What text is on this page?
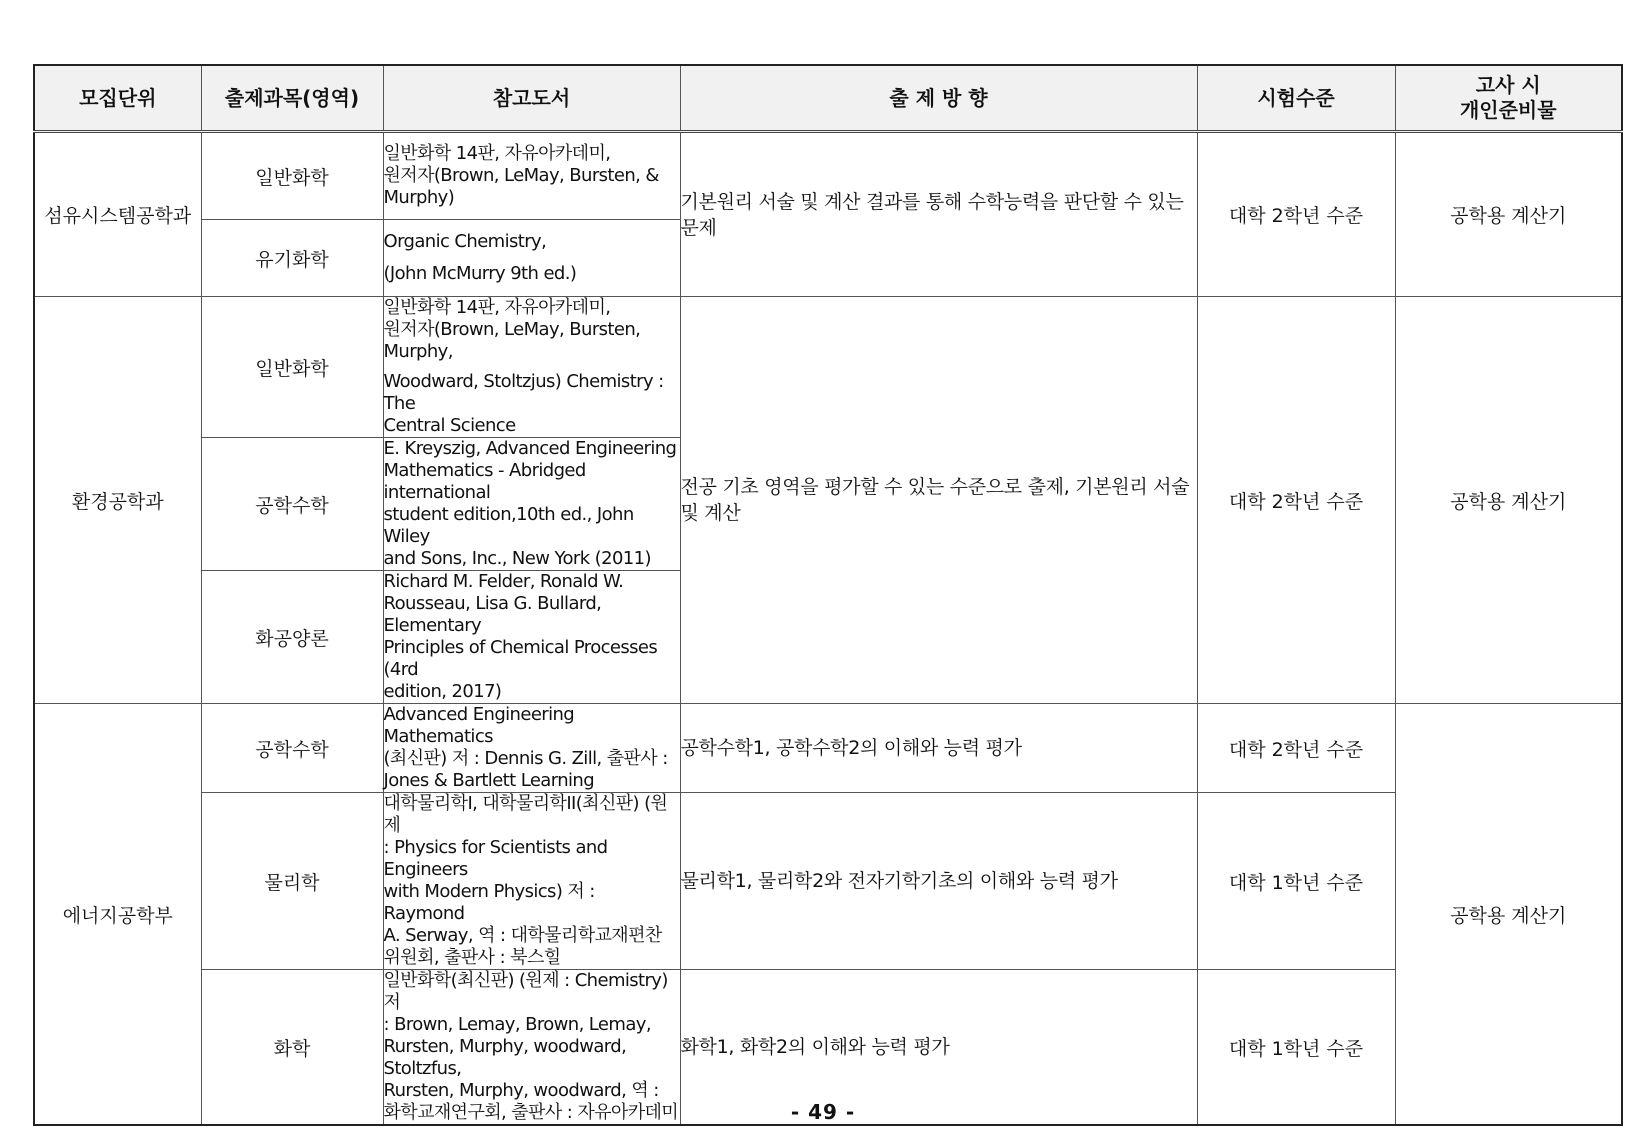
모집단위	출제과목(영역)	참고도서	출 제 방 향	시험수준	고사 시
개인준비물

섬유시스템공학과	일반화학	일반화학 14판, 자유아카데미,
원저자(Brown, LeMay, Bursten, &
Murphy)	기본원리 서술 및 계산 결과를 통해 수학능력을 판단할 수 있는 문제	대학 2학년 수준	공학용 계산기
	유기화학	Organic Chemistry,
(John McMurry 9th ed.)			

환경공학과	일반화학	일반화학 14판, 자유아카데미,
원저자(Brown, LeMay, Bursten,
Murphy,
Woodward, Stoltzjus) Chemistry : The
Central Science	전공 기초 영역을 평가할 수 있는 수준으로 출제, 기본원리 서술 및 계산	대학 2학년 수준	공학용 계산기
	공학수학	E. Kreyszig, Advanced Engineering
Mathematics - Abridged international
student edition,10th ed., John Wiley
and Sons, Inc., New York (2011)			

	화공양론	Richard M. Felder, Ronald W.
Rousseau, Lisa G. Bullard, Elementary
Principles of Chemical Processes (4rd
edition, 2017)			

에너지공학부	공학수학	Advanced Engineering Mathematics
(최신판) 저 : Dennis G. Zill, 출판사 :
Jones & Bartlett Learning	공학수학1, 공학수학2의 이해와 능력 평가	대학 2학년 수준	공학용 계산기
	물리학	대학물리학I, 대학물리학II(최신판) (원제
: Physics for Scientists and Engineers
with Modern Physics) 저 : Raymond
A. Serway, 역 : 대학물리학교재편찬
위원회, 출판사 : 북스힐	물리학1, 물리학2와 전자기학기초의 이해와 능력 평가	대학 1학년 수준	
	화학	일반화학(최신판) (원제 : Chemistry) 저
: Brown, Lemay, Brown, Lemay,
Rursten, Murphy, woodward, Stoltzfus,
Rursten, Murphy, woodward, 역 :
화학교재연구회, 출판사 : 자유아카데미	화학1, 화학2의 이해와 능력 평가	대학 1학년 수준	
- 49 -
